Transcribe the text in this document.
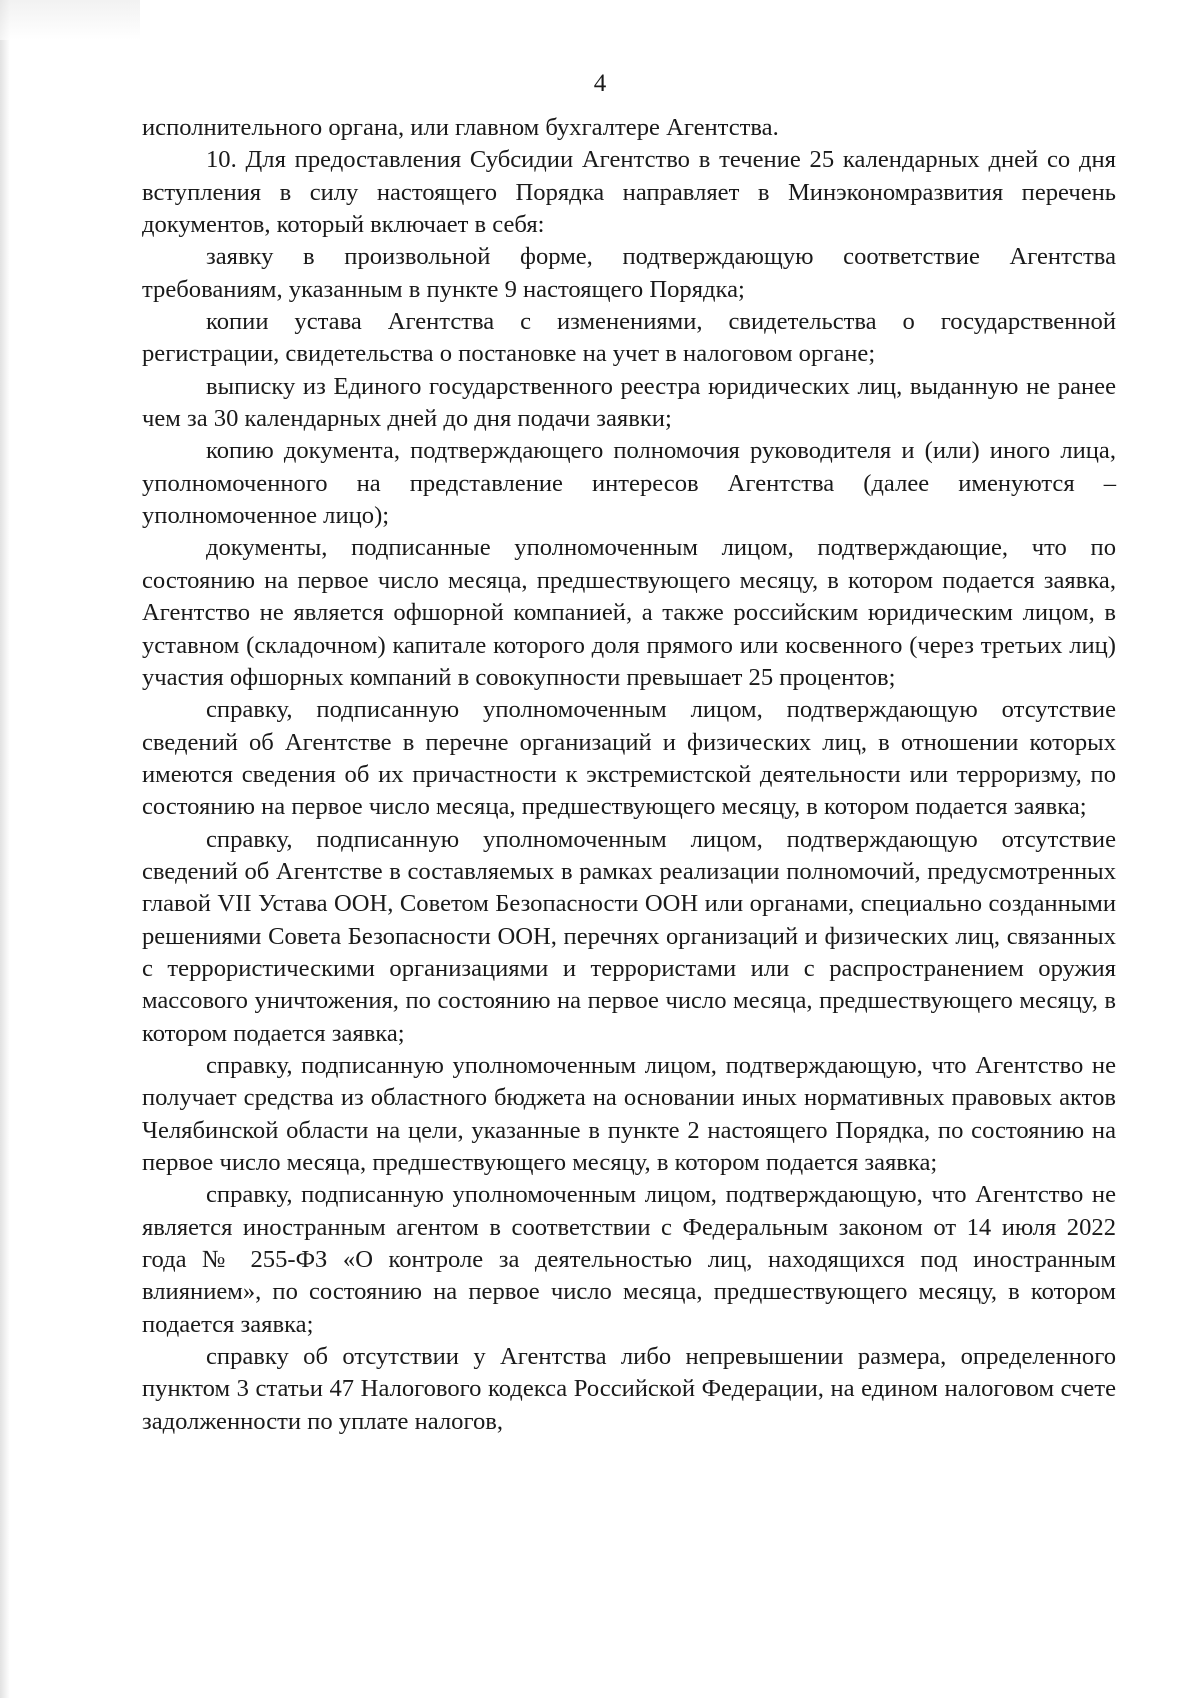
4

исполнительного органа, или главном бухгалтере Агентства.

10. Для предоставления Субсидии Агентство в течение 25 календарных дней со дня вступления в силу настоящего Порядка направляет в Минэкономразвития перечень документов, который включает в себя:

заявку в произвольной форме, подтверждающую соответствие Агентства требованиям, указанным в пункте 9 настоящего Порядка;

копии устава Агентства с изменениями, свидетельства о государственной регистрации, свидетельства о постановке на учет в налоговом органе;

выписку из Единого государственного реестра юридических лиц, выданную не ранее чем за 30 календарных дней до дня подачи заявки;

копию документа, подтверждающего полномочия руководителя и (или) иного лица, уполномоченного на представление интересов Агентства (далее именуются – уполномоченное лицо);

документы, подписанные уполномоченным лицом, подтверждающие, что по состоянию на первое число месяца, предшествующего месяцу, в котором подается заявка, Агентство не является офшорной компанией, а также российским юридическим лицом, в уставном (складочном) капитале которого доля прямого или косвенного (через третьих лиц) участия офшорных компаний в совокупности превышает 25 процентов;

справку, подписанную уполномоченным лицом, подтверждающую отсутствие сведений об Агентстве в перечне организаций и физических лиц, в отношении которых имеются сведения об их причастности к экстремистской деятельности или терроризму, по состоянию на первое число месяца, предшествующего месяцу, в котором подается заявка;

справку, подписанную уполномоченным лицом, подтверждающую отсутствие сведений об Агентстве в составляемых в рамках реализации полномочий, предусмотренных главой VII Устава ООН, Советом Безопасности ООН или органами, специально созданными решениями Совета Безопасности ООН, перечнях организаций и физических лиц, связанных с террористическими организациями и террористами или с распространением оружия массового уничтожения, по состоянию на первое число месяца, предшествующего месяцу, в котором подается заявка;

справку, подписанную уполномоченным лицом, подтверждающую, что Агентство не получает средства из областного бюджета на основании иных нормативных правовых актов Челябинской области на цели, указанные в пункте 2 настоящего Порядка, по состоянию на первое число месяца, предшествующего месяцу, в котором подается заявка;

справку, подписанную уполномоченным лицом, подтверждающую, что Агентство не является иностранным агентом в соответствии с Федеральным законом от 14 июля 2022 года № 255-ФЗ «О контроле за деятельностью лиц, находящихся под иностранным влиянием», по состоянию на первое число месяца, предшествующего месяцу, в котором подается заявка;

справку об отсутствии у Агентства либо непревышении размера, определенного пунктом 3 статьи 47 Налогового кодекса Российской Федерации, на едином налоговом счете задолженности по уплате налогов,
